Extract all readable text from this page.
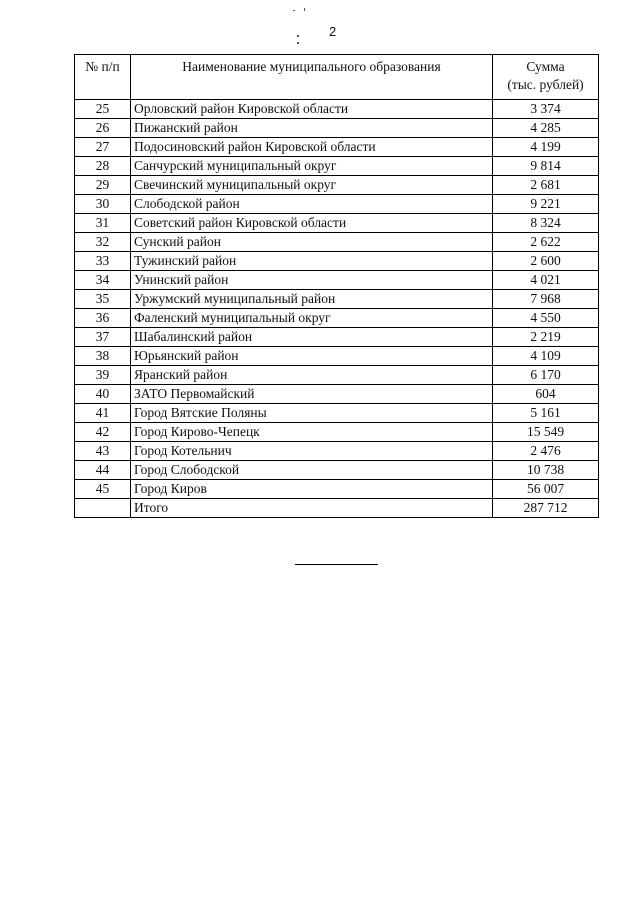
2
№ п/п	Наименование муниципального образования	Сумма
(тыс. рублей)

25	Орловский район Кировской области	3 374
26	Пижанский район	4 285
27	Подосиновский район Кировской области	4 199
28	Санчурский муниципальный округ	9 814
29	Свечинский муниципальный округ	2 681
30	Слободской район	9 221
31	Советский район Кировской области	8 324
32	Сунский район	2 622
33	Тужинский район	2 600
34	Унинский район	4 021
35	Уржумский муниципальный район	7 968
36	Фаленский муниципальный округ	4 550
37	Шабалинский район	2 219
38	Юрьянский район	4 109
39	Яранский район	6 170
40	ЗАТО Первомайский	604
41	Город Вятские Поляны	5 161
42	Город Кирово-Чепецк	15 549
43	Город Котельнич	2 476
44	Город Слободской	10 738
45	Город Киров	56 007
	Итого	287 712
